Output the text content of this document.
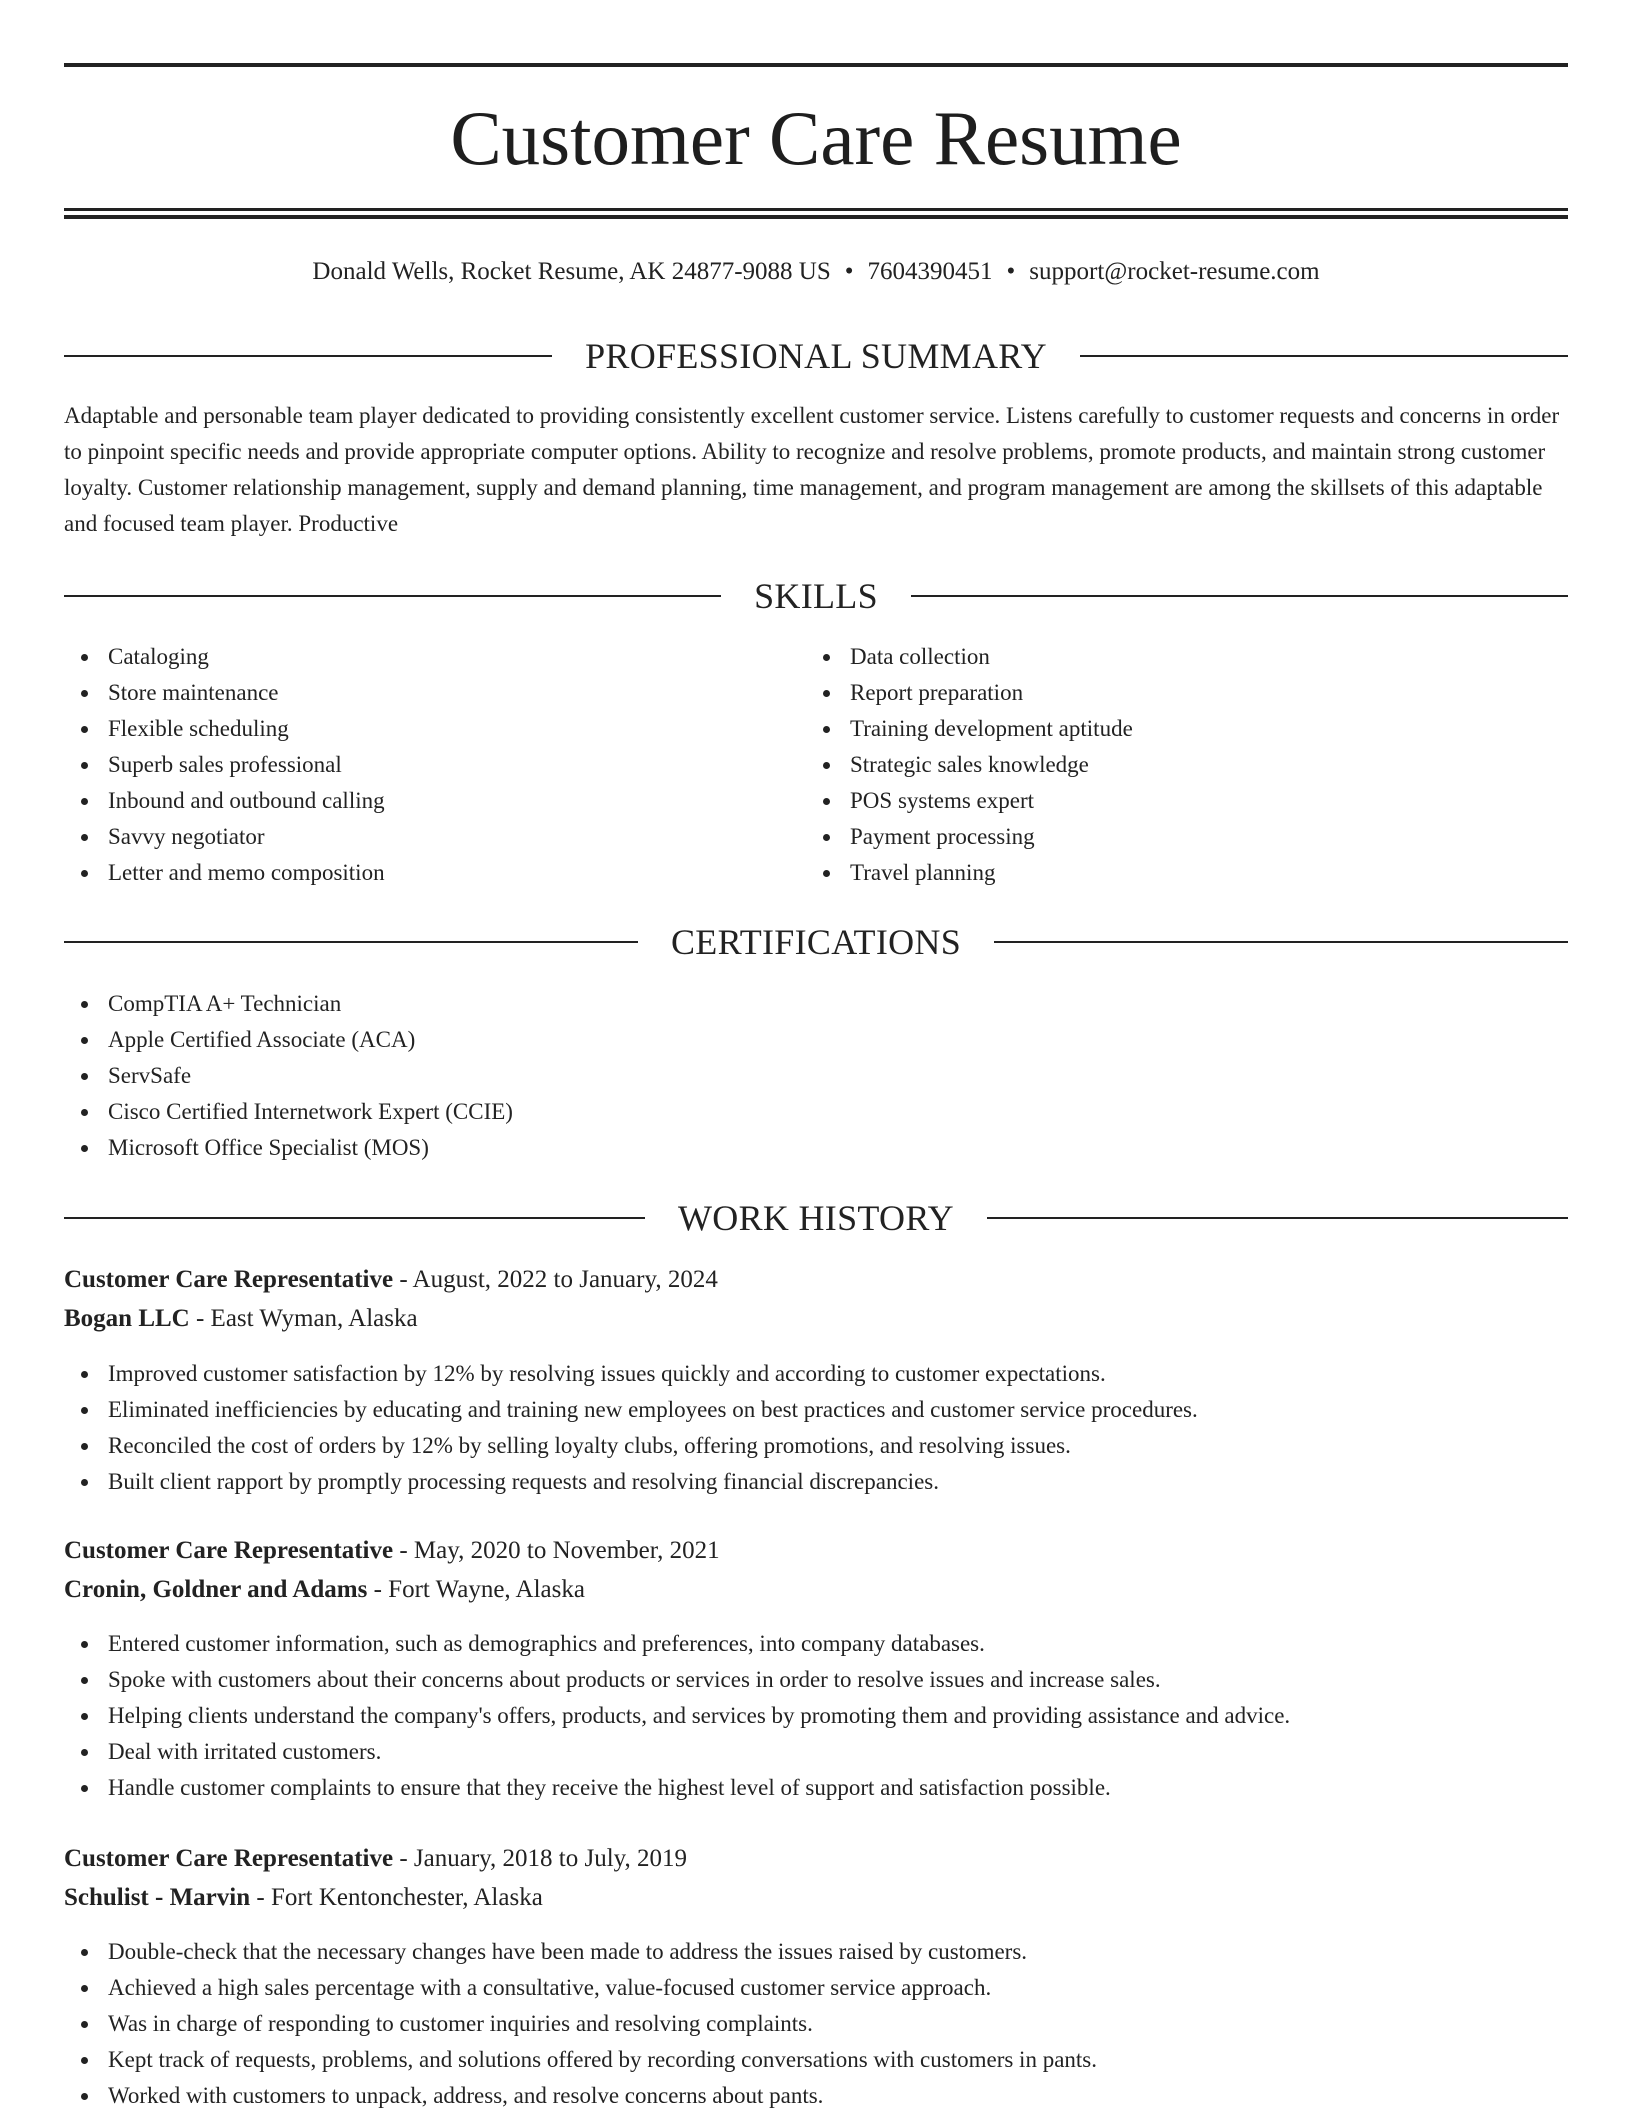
Customer Care Resume
Donald Wells, Rocket Resume, AK 24877-9088 US • 7604390451 • support@rocket-resume.com
PROFESSIONAL SUMMARY

Adaptable and personable team player dedicated to providing consistently excellent customer service. Listens carefully to customer requests and concerns in order to pinpoint specific needs and provide appropriate computer options. Ability to recognize and resolve problems, promote products, and maintain strong customer loyalty. Customer relationship management, supply and demand planning, time management, and program management are among the skillsets of this adaptable and focused team player. Productive

SKILLS
Cataloging
Store maintenance
Flexible scheduling
Superb sales professional
Inbound and outbound calling
Savvy negotiator
Letter and memo composition
Data collection
Report preparation
Training development aptitude
Strategic sales knowledge
POS systems expert
Payment processing
Travel planning
CERTIFICATIONS
CompTIA A+ Technician
Apple Certified Associate (ACA)
ServSafe
Cisco Certified Internetwork Expert (CCIE)
Microsoft Office Specialist (MOS)
WORK HISTORY
Customer Care Representative - August, 2022 to January, 2024
Bogan LLC - East Wyman, Alaska
Improved customer satisfaction by 12% by resolving issues quickly and according to customer expectations.
Eliminated inefficiencies by educating and training new employees on best practices and customer service procedures.
Reconciled the cost of orders by 12% by selling loyalty clubs, offering promotions, and resolving issues.
Built client rapport by promptly processing requests and resolving financial discrepancies.
Customer Care Representative - May, 2020 to November, 2021
Cronin, Goldner and Adams - Fort Wayne, Alaska
Entered customer information, such as demographics and preferences, into company databases.
Spoke with customers about their concerns about products or services in order to resolve issues and increase sales.
Helping clients understand the company's offers, products, and services by promoting them and providing assistance and advice.
Deal with irritated customers.
Handle customer complaints to ensure that they receive the highest level of support and satisfaction possible.
Customer Care Representative - January, 2018 to July, 2019
Schulist - Marvin - Fort Kentonchester, Alaska
Double-check that the necessary changes have been made to address the issues raised by customers.
Achieved a high sales percentage with a consultative, value-focused customer service approach.
Was in charge of responding to customer inquiries and resolving complaints.
Kept track of requests, problems, and solutions offered by recording conversations with customers in pants.
Worked with customers to unpack, address, and resolve concerns about pants.
